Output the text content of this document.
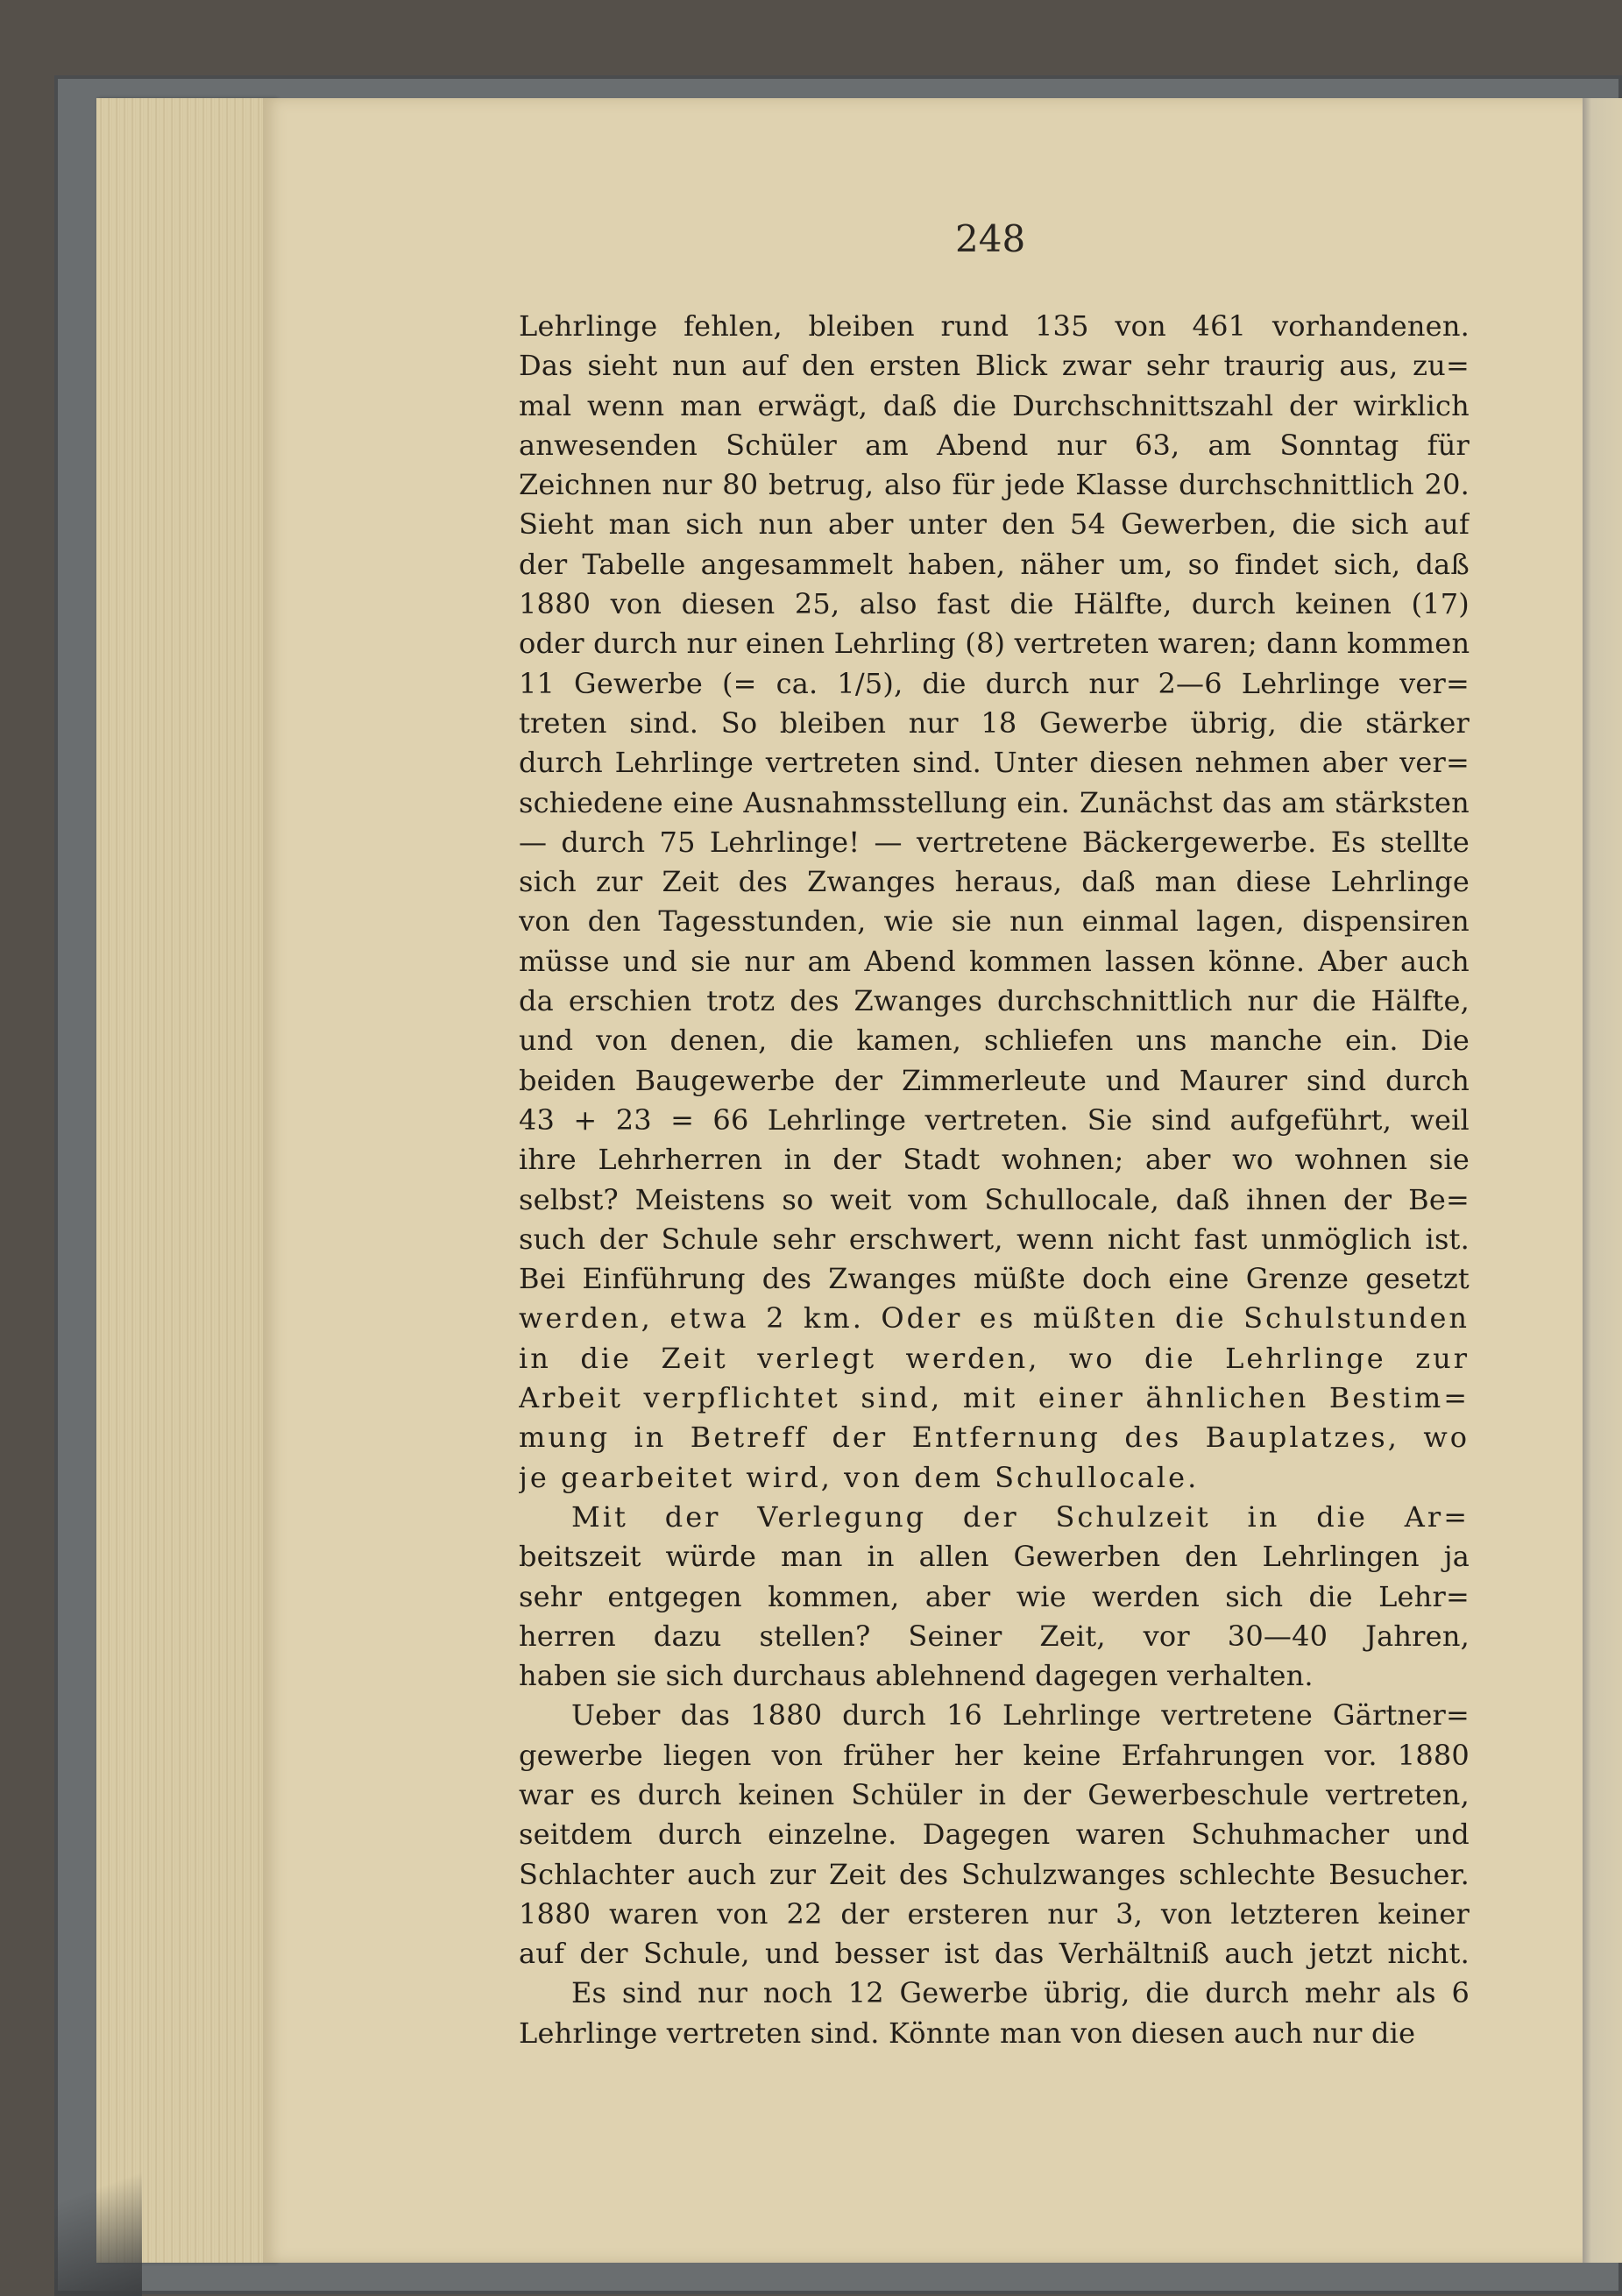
248
Lehrlinge fehlen, bleiben rund 135 von 461 vorhandenen.
Das sieht nun auf den ersten Blick zwar sehr traurig aus, zu=
mal wenn man erwägt, daß die Durchschnittszahl der wirklich
anwesenden Schüler am Abend nur 63, am Sonntag für
Zeichnen nur 80 betrug, also für jede Klasse durchschnittlich 20.
Sieht man sich nun aber unter den 54 Gewerben, die sich auf
der Tabelle angesammelt haben, näher um, so findet sich, daß
1880 von diesen 25, also fast die Hälfte, durch keinen (17)
oder durch nur einen Lehrling (8) vertreten waren; dann kommen
11 Gewerbe (= ca. 1/5), die durch nur 2—6 Lehrlinge ver=
treten sind. So bleiben nur 18 Gewerbe übrig, die stärker
durch Lehrlinge vertreten sind. Unter diesen nehmen aber ver=
schiedene eine Ausnahmsstellung ein. Zunächst das am stärksten
— durch 75 Lehrlinge! — vertretene Bäckergewerbe. Es stellte
sich zur Zeit des Zwanges heraus, daß man diese Lehrlinge
von den Tagesstunden, wie sie nun einmal lagen, dispensiren
müsse und sie nur am Abend kommen lassen könne. Aber auch
da erschien trotz des Zwanges durchschnittlich nur die Hälfte,
und von denen, die kamen, schliefen uns manche ein. Die
beiden Baugewerbe der Zimmerleute und Maurer sind durch
43 + 23 = 66 Lehrlinge vertreten. Sie sind aufgeführt, weil
ihre Lehrherren in der Stadt wohnen; aber wo wohnen sie
selbst? Meistens so weit vom Schullocale, daß ihnen der Be=
such der Schule sehr erschwert, wenn nicht fast unmöglich ist.
Bei Einführung des Zwanges müßte doch eine Grenze gesetzt
werden, etwa 2 km. Oder es müßten die Schulstunden
in die Zeit verlegt werden, wo die Lehrlinge zur
Arbeit verpflichtet sind, mit einer ähnlichen Bestim=
mung in Betreff der Entfernung des Bauplatzes, wo
je gearbeitet wird, von dem Schullocale.
Mit der Verlegung der Schulzeit in die Ar=
beitszeit würde man in allen Gewerben den Lehrlingen ja
sehr entgegen kommen, aber wie werden sich die Lehr=
herren dazu stellen? Seiner Zeit, vor 30—40 Jahren,
haben sie sich durchaus ablehnend dagegen verhalten.
Ueber das 1880 durch 16 Lehrlinge vertretene Gärtner=
gewerbe liegen von früher her keine Erfahrungen vor. 1880
war es durch keinen Schüler in der Gewerbeschule vertreten,
seitdem durch einzelne. Dagegen waren Schuhmacher und
Schlachter auch zur Zeit des Schulzwanges schlechte Besucher.
1880 waren von 22 der ersteren nur 3, von letzteren keiner
auf der Schule, und besser ist das Verhältniß auch jetzt nicht.
Es sind nur noch 12 Gewerbe übrig, die durch mehr als 6
Lehrlinge vertreten sind. Könnte man von diesen auch nur die
